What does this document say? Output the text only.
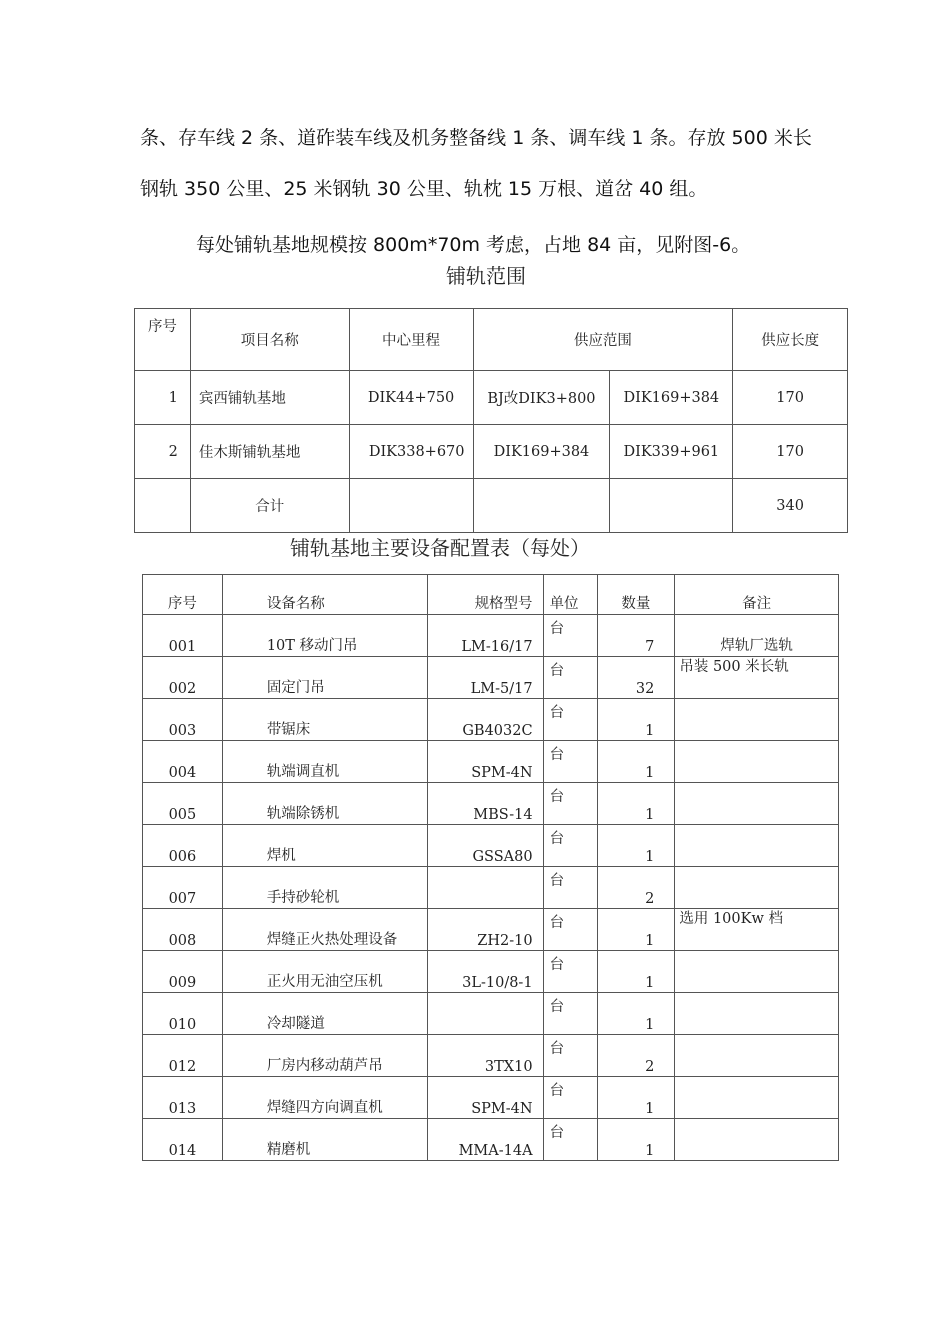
条、存车线 2 条、道砟装车线及机务整备线 1 条、调车线 1 条。存放 500 米长
钢轨 350 公里、25 米钢轨 30 公里、轨枕 15 万根、道岔 40 组。
每处铺轨基地规模按 800m*70m 考虑，占地 84 亩，见附图-6。
铺轨范围
序号	项目名称	中心里程	供应范围		供应长度
1	宾西铺轨基地	DIK44+750	BJ改DIK3+800	DIK169+384	170
2	佳木斯铺轨基地	DIK338+670	DIK169+384	DIK339+961	170
	合计				340
铺轨基地主要设备配置表（每处）
序号	设备名称	规格型号	单位	数量	备注
001	10T 移动门吊	LM-16/17	台	7	焊轨厂选轨
002	固定门吊	LM-5/17	台	32	吊装 500 米长轨
003	带锯床	GB4032C	台	1	
004	轨端调直机	SPM-4N	台	1	
005	轨端除锈机	MBS-14	台	1	
006	焊机	GSSA80	台	1	
007	手持砂轮机		台	2	
008	焊缝正火热处理设备	ZH2-10	台	1	选用 100Kw 档
009	正火用无油空压机	3L-10/8-1	台	1	
010	冷却隧道		台	1	
012	厂房内移动葫芦吊	3TX10	台	2	
013	焊缝四方向调直机	SPM-4N	台	1	
014	精磨机	MMA-14A	台	1	
